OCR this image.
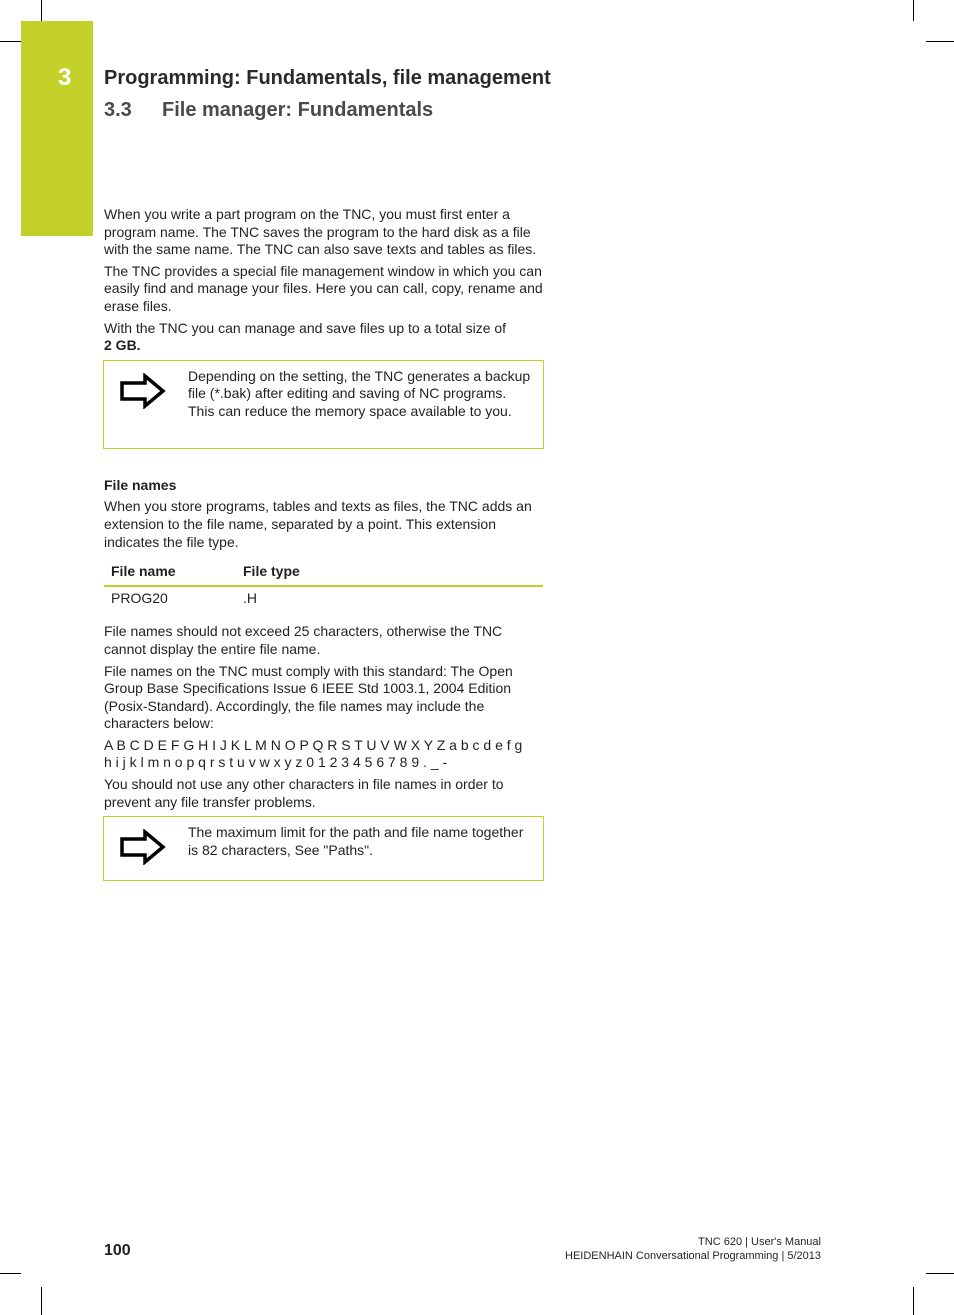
3 Programming: Fundamentals, file management
3.3 File manager: Fundamentals

When you write a part program on the TNC, you must first enter a program name. The TNC saves the program to the hard disk as a file with the same name. The TNC can also save texts and tables as files.

The TNC provides a special file management window in which you can easily find and manage your files. Here you can call, copy, rename and erase files.

With the TNC you can manage and save files up to a total size of
2 GB.

Depending on the setting, the TNC generates a backup file (*.bak) after editing and saving of NC programs. This can reduce the memory space available to you.

File names

When you store programs, tables and texts as files, the TNC adds an extension to the file name, separated by a point. This extension indicates the file type.

File name	File type
PROG20	.H

File names should not exceed 25 characters, otherwise the TNC cannot display the entire file name.

File names on the TNC must comply with this standard: The Open Group Base Specifications Issue 6 IEEE Std 1003.1, 2004 Edition (Posix-Standard). Accordingly, the file names may include the characters below:

A B C D E F G H I J K L M N O P Q R S T U V W X Y Z a b c d e f g
h i j k l m n o p q r s t u v w x y z 0 1 2 3 4 5 6 7 8 9 . _ -

You should not use any other characters in file names in order to prevent any file transfer problems.

The maximum limit for the path and file name together is 82 characters, See "Paths".

100	TNC 620 | User's Manual
HEIDENHAIN Conversational Programming | 5/2013
